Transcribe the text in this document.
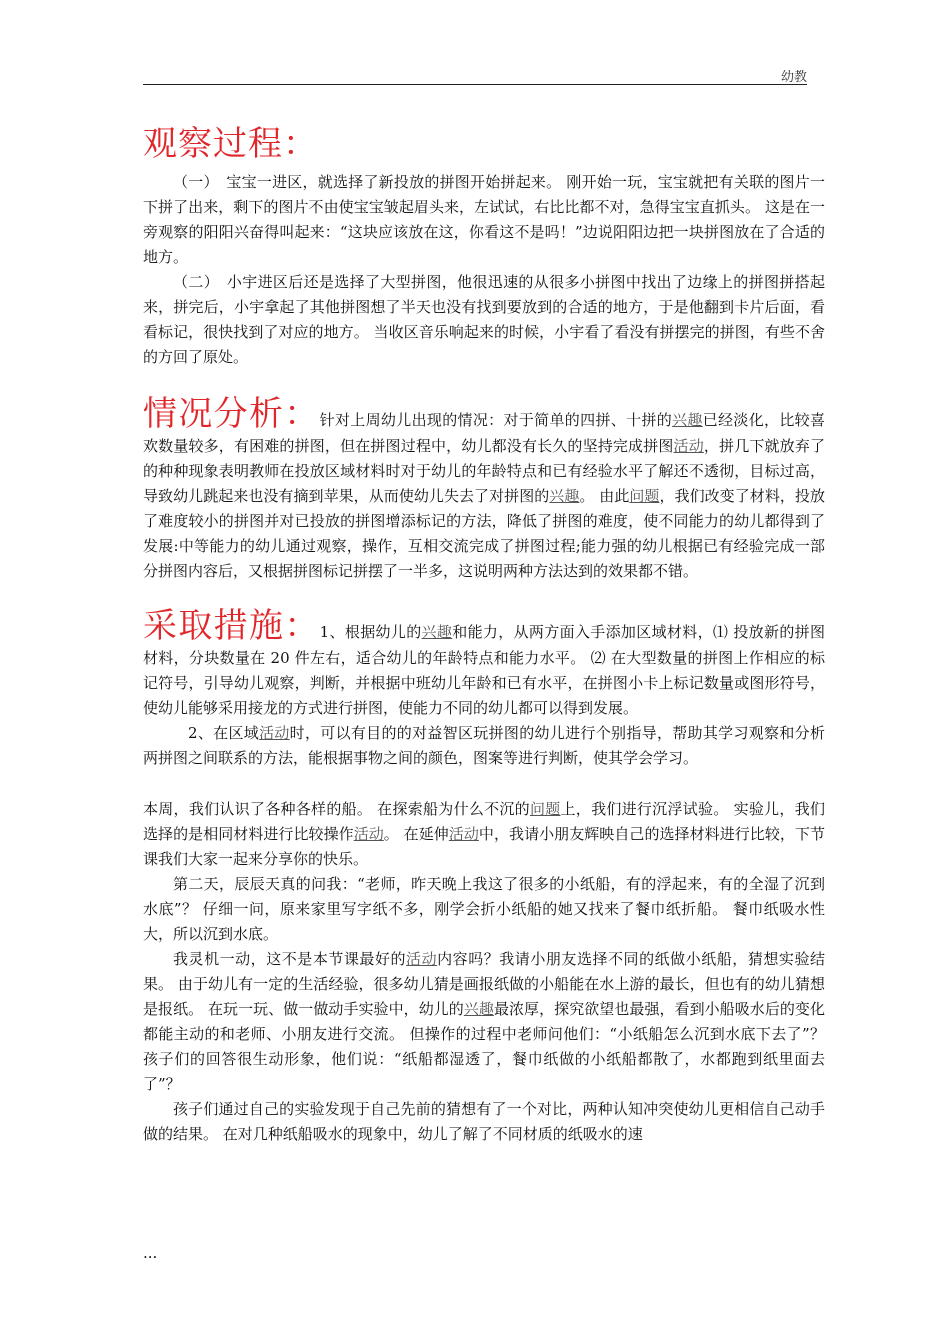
幼教
观察过程：

（一）　宝宝一进区，就选择了新投放的拼图开始拼起来。 刚开始一玩，宝宝就把有关联的图片一下拼了出来，剩下的图片不由使宝宝皱起眉头来，左试试，右比比都不对，急得宝宝直抓头。 这是在一旁观察的阳阳兴奋得叫起来：“这块应该放在这，你看这不是吗！”边说阳阳边把一块拼图放在了合适的地方。

（二）　小宇进区后还是选择了大型拼图，他很迅速的从很多小拼图中找出了边缘上的拼图拼搭起来，拼完后，小宇拿起了其他拼图想了半天也没有找到要放到的合适的地方，于是他翻到卡片后面，看看标记，很快找到了对应的地方。 当收区音乐响起来的时候，小宇看了看没有拼摆完的拼图，有些不舍的方回了原处。

情况分析：针对上周幼儿出现的情况：对于简单的四拼、十拼的兴趣已经淡化，比较喜欢数量较多，有困难的拼图，但在拼图过程中，幼儿都没有长久的坚持完成拼图活动，拼几下就放弃了的种种现象表明教师在投放区域材料时对于幼儿的年龄特点和已有经验水平了解还不透彻，目标过高，导致幼儿跳起来也没有摘到苹果，从而使幼儿失去了对拼图的兴趣。 由此问题，我们改变了材料，投放了难度较小的拼图并对已投放的拼图增添标记的方法，降低了拼图的难度，使不同能力的幼儿都得到了发展:中等能力的幼儿通过观察，操作，互相交流完成了拼图过程;能力强的幼儿根据已有经验完成一部分拼图内容后，又根据拼图标记拼摆了一半多，这说明两种方法达到的效果都不错。

采取措施：1、根据幼儿的兴趣和能力，从两方面入手添加区域材料，⑴ 投放新的拼图材料，分块数量在 20 件左右，适合幼儿的年龄特点和能力水平。 ⑵ 在大型数量的拼图上作相应的标记符号，引导幼儿观察，判断，并根据中班幼儿年龄和已有水平，在拼图小卡上标记数量或图形符号，使幼儿能够采用接龙的方式进行拼图，使能力不同的幼儿都可以得到发展。

2、在区域活动时，可以有目的的对益智区玩拼图的幼儿进行个别指导，帮助其学习观察和分析两拼图之间联系的方法，能根据事物之间的颜色，图案等进行判断，使其学会学习。

本周，我们认识了各种各样的船。 在探索船为什么不沉的问题上，我们进行沉浮试验。 实验儿，我们选择的是相同材料进行比较操作活动。 在延伸活动中，我请小朋友辉映自己的选择材料进行比较，下节课我们大家一起来分享你的快乐。

第二天，辰辰天真的问我：“老师，昨天晚上我这了很多的小纸船，有的浮起来，有的全湿了沉到水底”？ 仔细一问，原来家里写字纸不多，刚学会折小纸船的她又找来了餐巾纸折船。 餐巾纸吸水性大，所以沉到水底。

我灵机一动，这不是本节课最好的活动内容吗？我请小朋友选择不同的纸做小纸船，猜想实验结果。 由于幼儿有一定的生活经验，很多幼儿猜是画报纸做的小船能在水上游的最长，但也有的幼儿猜想是报纸。 在玩一玩、做一做动手实验中，幼儿的兴趣最浓厚，探究欲望也最强，看到小船吸水后的变化都能主动的和老师、小朋友进行交流。 但操作的过程中老师问他们：“小纸船怎么沉到水底下去了”？ 孩子们的回答很生动形象，他们说：“纸船都湿透了，餐巾纸做的小纸船都散了，水都跑到纸里面去了”？

孩子们通过自己的实验发现于自己先前的猜想有了一个对比，两种认知冲突使幼儿更相信自己动手做的结果。 在对几种纸船吸水的现象中，幼儿了解了不同材质的纸吸水的速

...
